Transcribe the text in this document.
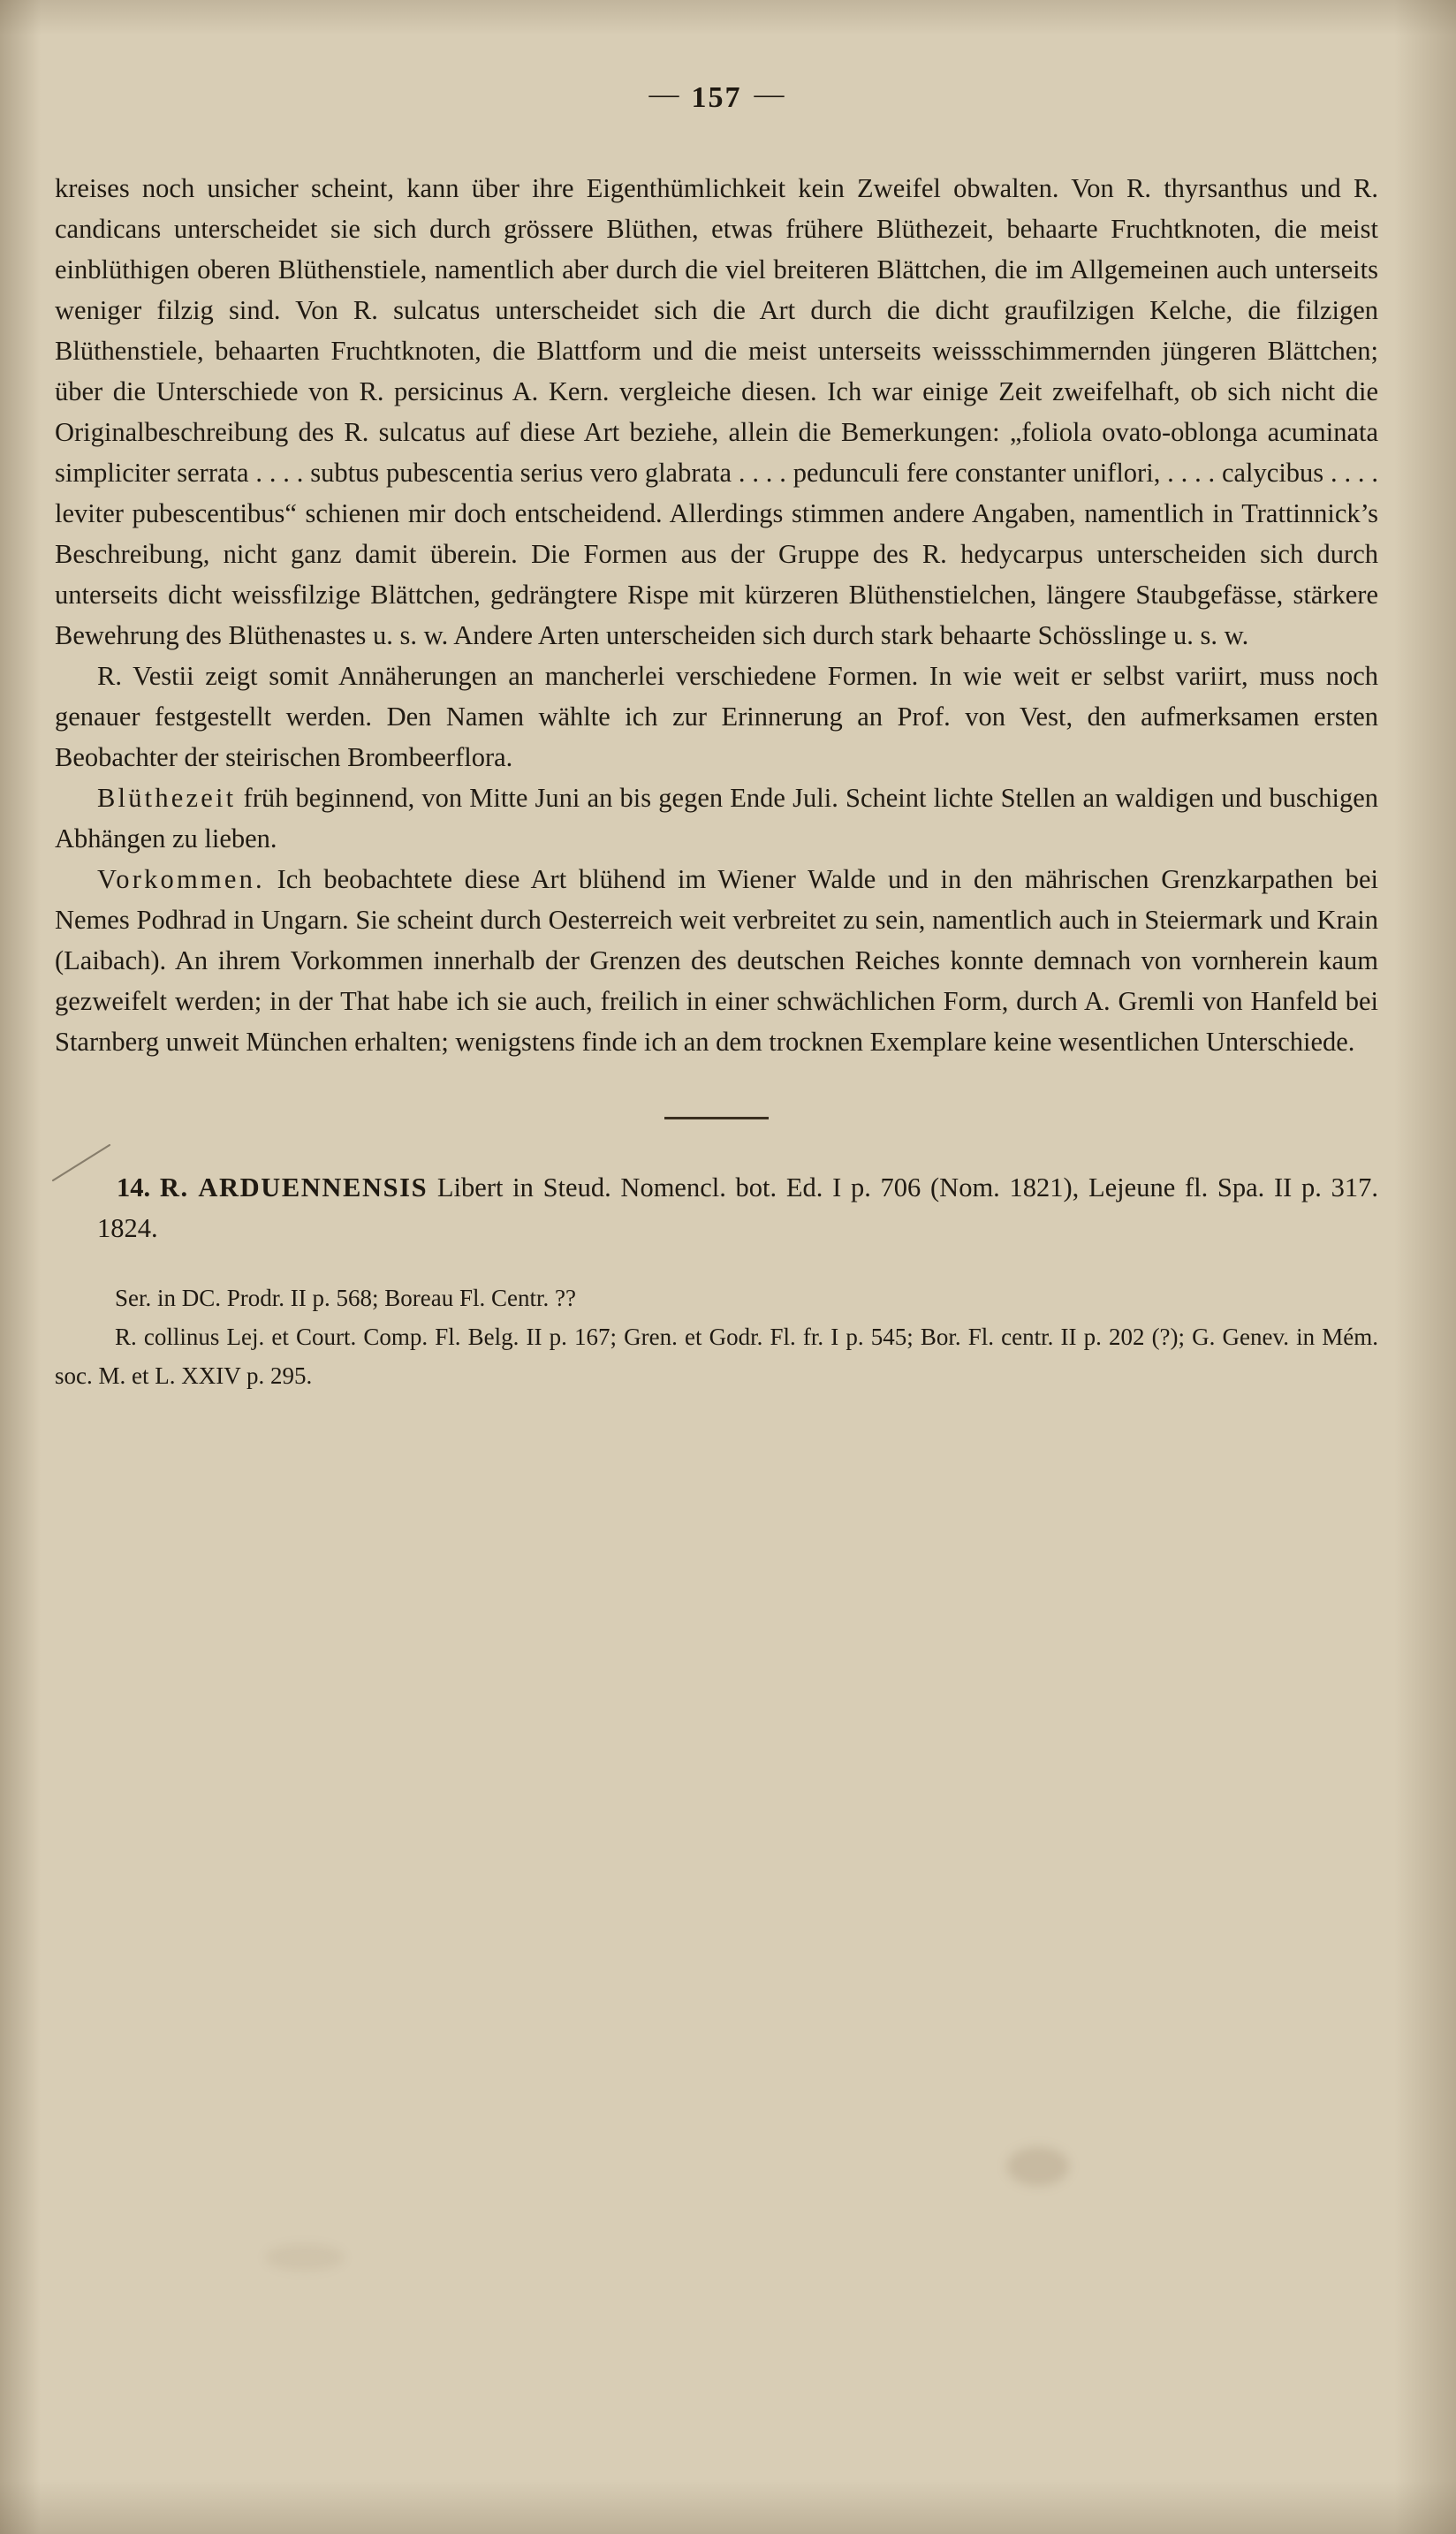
— 157 —

kreises noch unsicher scheint, kann über ihre Eigenthümlichkeit kein Zweifel obwalten. Von R. thyrsanthus und R. candicans unterscheidet sie sich durch grössere Blüthen, etwas frühere Blüthezeit, behaarte Fruchtknoten, die meist einblüthigen oberen Blüthenstiele, namentlich aber durch die viel breiteren Blättchen, die im Allgemeinen auch unterseits weniger filzig sind. Von R. sulcatus unterscheidet sich die Art durch die dicht graufilzigen Kelche, die filzigen Blüthenstiele, behaarten Fruchtknoten, die Blattform und die meist unterseits weissschimmernden jüngeren Blättchen; über die Unterschiede von R. persicinus A. Kern. vergleiche diesen. Ich war einige Zeit zweifelhaft, ob sich nicht die Originalbeschreibung des R. sulcatus auf diese Art beziehe, allein die Bemerkungen: „foliola ovato-oblonga acuminata simpliciter serrata . . . . subtus pubescentia serius vero glabrata . . . . pedunculi fere constanter uniflori, . . . . calycibus . . . . leviter pubescentibus“ schienen mir doch entscheidend. Allerdings stimmen andere Angaben, namentlich in Trattinnick’s Beschreibung, nicht ganz damit überein. Die Formen aus der Gruppe des R. hedycarpus unterscheiden sich durch unterseits dicht weissfilzige Blättchen, gedrängtere Rispe mit kürzeren Blüthenstielchen, längere Staubgefässe, stärkere Bewehrung des Blüthenastes u. s. w. Andere Arten unterscheiden sich durch stark behaarte Schösslinge u. s. w.

R. Vestii zeigt somit Annäherungen an mancherlei verschiedene Formen. In wie weit er selbst variirt, muss noch genauer festgestellt werden. Den Namen wählte ich zur Erinnerung an Prof. von Vest, den aufmerksamen ersten Beobachter der steirischen Brombeerflora.

Blüthezeit früh beginnend, von Mitte Juni an bis gegen Ende Juli. Scheint lichte Stellen an waldigen und buschigen Abhängen zu lieben.

Vorkommen. Ich beobachtete diese Art blühend im Wiener Walde und in den mährischen Grenzkarpathen bei Nemes Podhrad in Ungarn. Sie scheint durch Oesterreich weit verbreitet zu sein, namentlich auch in Steiermark und Krain (Laibach). An ihrem Vorkommen innerhalb der Grenzen des deutschen Reiches konnte demnach von vornherein kaum gezweifelt werden; in der That habe ich sie auch, freilich in einer schwächlichen Form, durch A. Gremli von Hanfeld bei Starnberg unweit München erhalten; wenigstens finde ich an dem trocknen Exemplare keine wesentlichen Unterschiede.

14. R. ARDUENNENSIS Libert in Steud. Nomencl. bot. Ed. I p. 706 (Nom. 1821), Lejeune fl. Spa. II p. 317. 1824.

Ser. in DC. Prodr. II p. 568; Boreau Fl. Centr. ??

R. collinus Lej. et Court. Comp. Fl. Belg. II p. 167; Gren. et Godr. Fl. fr. I p. 545; Bor. Fl. centr. II p. 202 (?); G. Genev. in Mém. soc. M. et L. XXIV p. 295.
